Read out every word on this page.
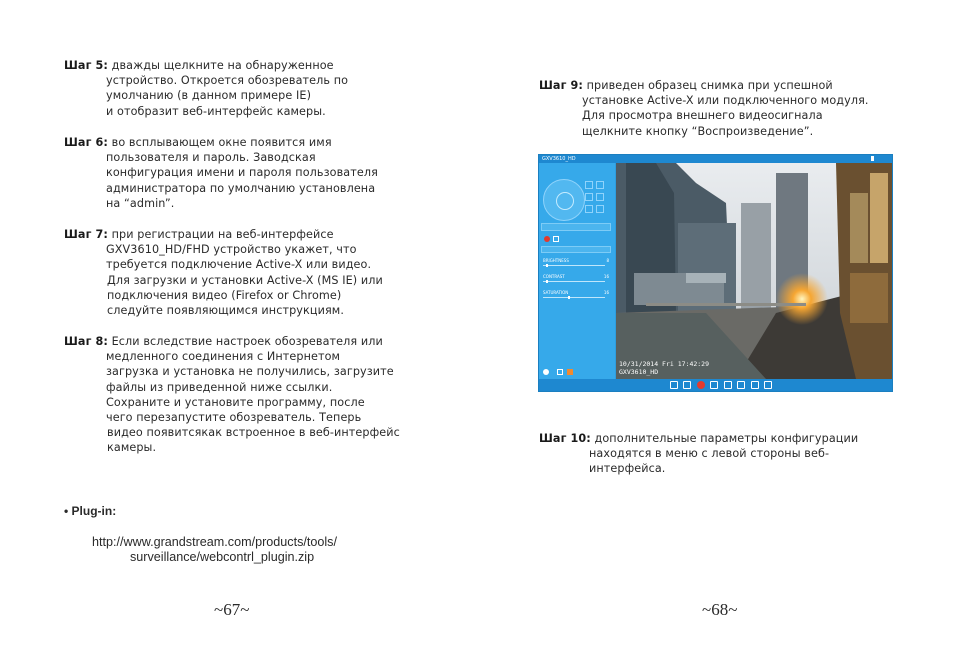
Шаг 5: дважды щелкните на обнаруженное
устройство. Откроется обозреватель по
умолчанию (в данном примере IE)
и отобразит веб-интерфейс камеры.
Шаг 6: во всплывающем окне появится имя
пользователя и пароль. Заводская
конфигурация имени и пароля пользователя
администратора по умолчанию установлена
на “admin”.
Шаг 7: при регистрации на веб-интерфейсе
GXV3610_HD/FHD устройство укажет, что
требуется подключение Active-X или видео.
Для загрузки и установки Active-X (MS IE) или
подключения видео (Firefox or Chrome)
следуйте появляющимся инструкциям.
Шаг 8: Если вследствие настроек обозревателя или
медленного соединения с Интернетом
загрузка и установка не получились, загрузите
файлы из приведенной ниже ссылки.
Сохраните и установите программу, после
чего перезапустите обозреватель. Теперь
видео появитсякак встроенное в веб-интерфейс
камеры.
• Plug-in:
http://www.grandstream.com/products/tools/
surveillance/webcontrl_plugin.zip
~67~
Шаг 9: приведен образец снимка при успешной
установке Active-X или подключенного модуля.
Для просмотра внешнего видеосигнала
щелкните кнопку “Воспроизведение”.
Шаг 10: дополнительные параметры конфигурации
находятся в меню с левой стороны веб-
интерфейса.
~68~
GXV3610_HD
BRIGHTNESS	8
CONTRAST	16
SATURATION	16
10/31/2014 Fri 17:42:29
GXV3610_HD
